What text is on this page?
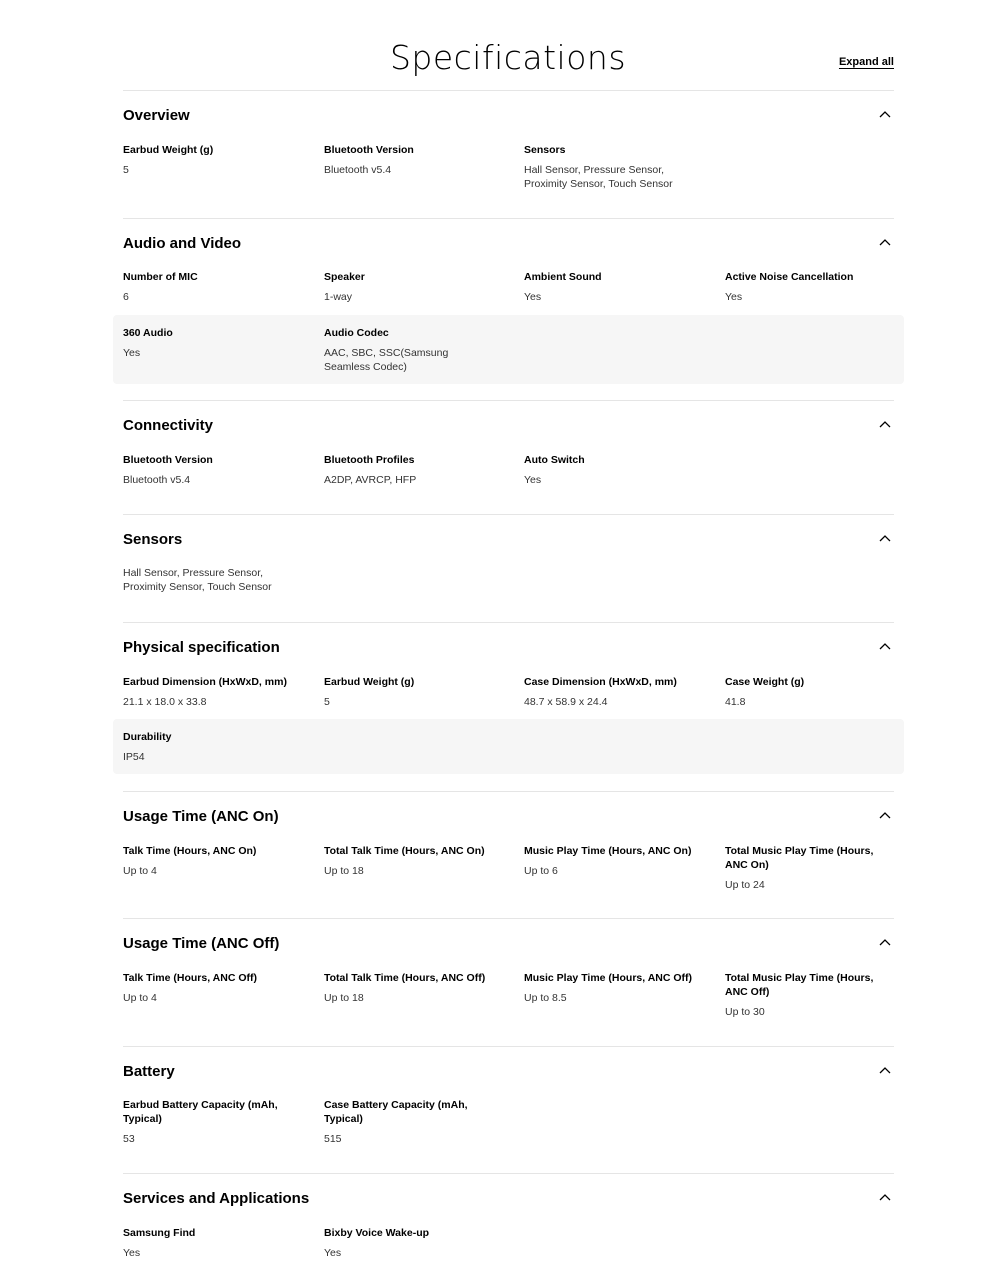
Specifications	Expand all
Overview

Earbud Weight (g)

5

Bluetooth Version

Bluetooth v5.4

Sensors

Hall Sensor, Pressure Sensor, Proximity Sensor, Touch Sensor

Audio and Video

Number of MIC

6

Speaker

1-way

Ambient Sound

Yes

Active Noise Cancellation

Yes

360 Audio

Yes

Audio Codec

AAC, SBC, SSC(Samsung Seamless Codec)

Connectivity

Bluetooth Version

Bluetooth v5.4

Bluetooth Profiles

A2DP, AVRCP, HFP

Auto Switch

Yes

Sensors

Hall Sensor, Pressure Sensor, Proximity Sensor, Touch Sensor

Physical specification

Earbud Dimension (HxWxD, mm)

21.1 x 18.0 x 33.8

Earbud Weight (g)

5

Case Dimension (HxWxD, mm)

48.7 x 58.9 x 24.4

Case Weight (g)

41.8

Durability

IP54

Usage Time (ANC On)

Talk Time (Hours, ANC On)

Up to 4

Total Talk Time (Hours, ANC On)

Up to 18

Music Play Time (Hours, ANC On)

Up to 6

Total Music Play Time (Hours, ANC On)

Up to 24

Usage Time (ANC Off)

Talk Time (Hours, ANC Off)

Up to 4

Total Talk Time (Hours, ANC Off)

Up to 18

Music Play Time (Hours, ANC Off)

Up to 8.5

Total Music Play Time (Hours, ANC Off)

Up to 30

Battery

Earbud Battery Capacity (mAh, Typical)

53

Case Battery Capacity (mAh, Typical)

515

Services and Applications

Samsung Find

Yes

Bixby Voice Wake-up

Yes
